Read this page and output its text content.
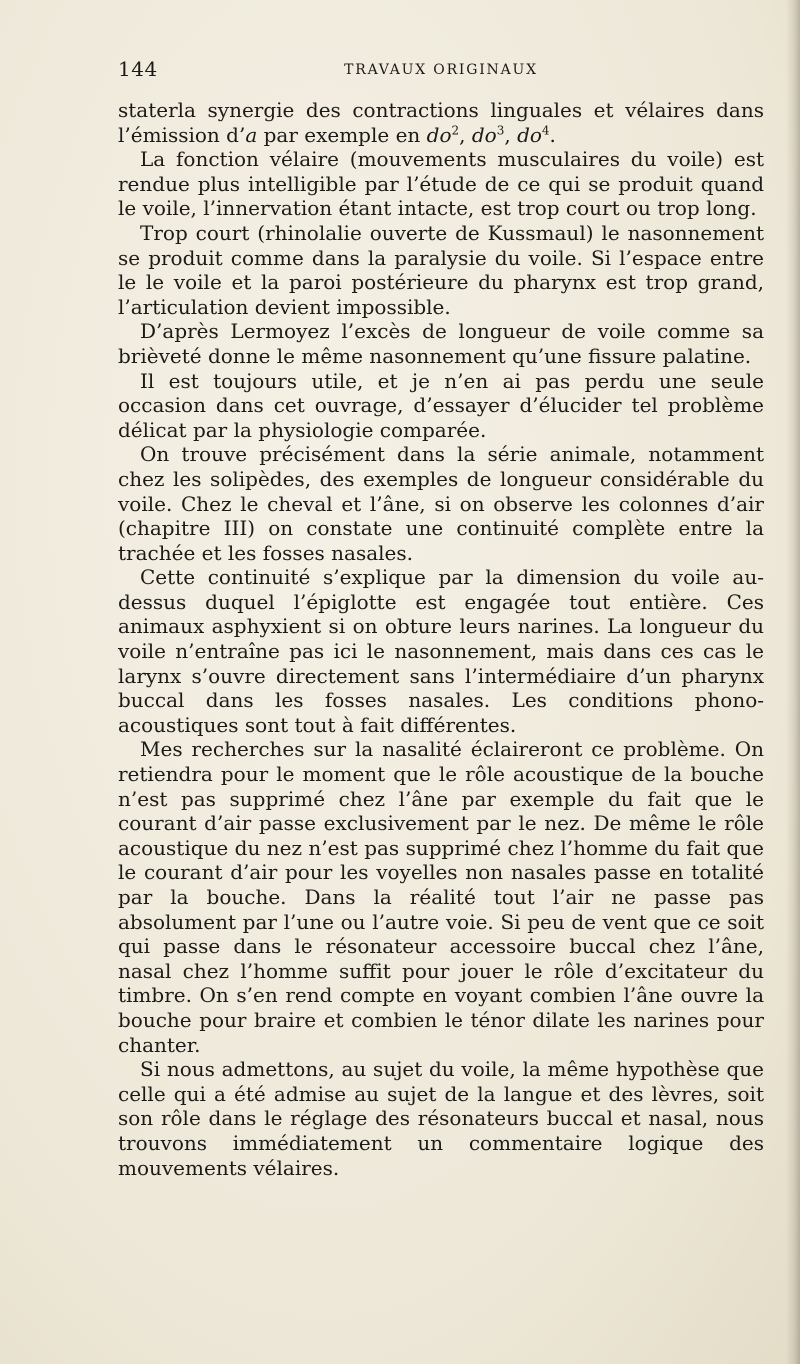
144	TRAVAUX ORIGINAUX

staterla synergie des contractions linguales et vélaires dans l’émission d’a par exemple en $do^2$, $do^3$, $do^4$.

La fonction vélaire (mouvements musculaires du voile) est rendue plus intelligible par l’étude de ce qui se produit quand le voile, l’innervation étant intacte, est trop court ou trop long.

Trop court (rhinolalie ouverte de Kussmaul) le nasonnement se produit comme dans la paralysie du voile. Si l’espace entre le le voile et la paroi postérieure du pharynx est trop grand, l’articulation devient impossible.

D’après Lermoyez l’excès de longueur de voile comme sa brièveté donne le même nasonnement qu’une fissure palatine.

Il est toujours utile, et je n’en ai pas perdu une seule occasion dans cet ouvrage, d’essayer d’élucider tel problème délicat par la physiologie comparée.

On trouve précisément dans la série animale, notamment chez les solipèdes, des exemples de longueur considérable du voile. Chez le cheval et l’âne, si on observe les colonnes d’air (chapitre III) on constate une continuité complète entre la trachée et les fosses nasales.

Cette continuité s’explique par la dimension du voile au-dessus duquel l’épiglotte est engagée tout entière. Ces animaux asphyxient si on obture leurs narines. La longueur du voile n’entraîne pas ici le nasonnement, mais dans ces cas le larynx s’ouvre directement sans l’intermédiaire d’un pharynx buccal dans les fosses nasales. Les conditions phono-acoustiques sont tout à fait différentes.

Mes recherches sur la nasalité éclaireront ce problème. On retiendra pour le moment que le rôle acoustique de la bouche n’est pas supprimé chez l’âne par exemple du fait que le courant d’air passe exclusivement par le nez. De même le rôle acoustique du nez n’est pas supprimé chez l’homme du fait que le courant d’air pour les voyelles non nasales passe en totalité par la bouche. Dans la réalité tout l’air ne passe pas absolument par l’une ou l’autre voie. Si peu de vent que ce soit qui passe dans le résonateur accessoire buccal chez l’âne, nasal chez l’homme suffit pour jouer le rôle d’excitateur du timbre. On s’en rend compte en voyant combien l’âne ouvre la bouche pour braire et combien le ténor dilate les narines pour chanter.

Si nous admettons, au sujet du voile, la même hypothèse que celle qui a été admise au sujet de la langue et des lèvres, soit son rôle dans le réglage des résonateurs buccal et nasal, nous trouvons immédiatement un commentaire logique des mouvements vélaires.
